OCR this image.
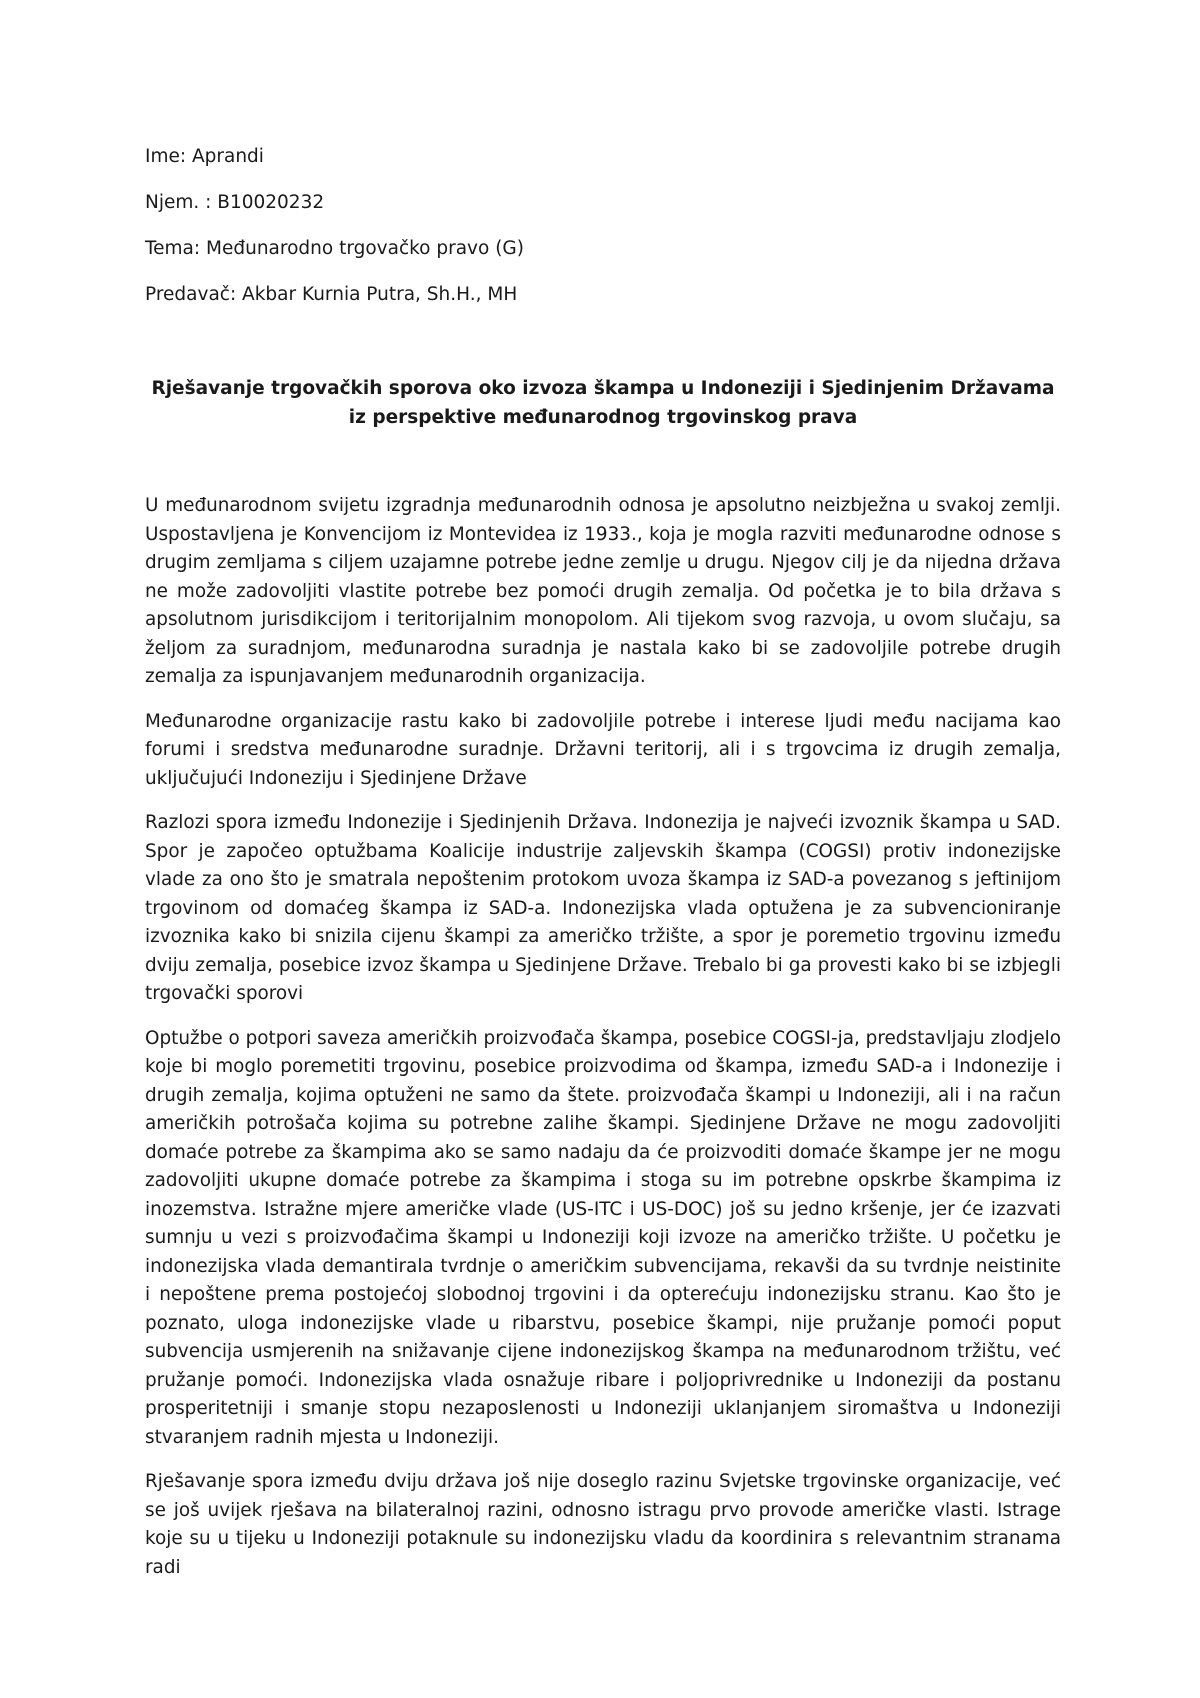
Ime: Aprandi

Njem. : B10020232

Tema: Međunarodno trgovačko pravo (G)

Predavač: Akbar Kurnia Putra, Sh.H., MH

Rješavanje trgovačkih sporova oko izvoza škampa u Indoneziji i Sjedinjenim Državama iz perspektive međunarodnog trgovinskog prava

U međunarodnom svijetu izgradnja međunarodnih odnosa je apsolutno neizbježna u svakoj zemlji. Uspostavljena je Konvencijom iz Montevidea iz 1933., koja je mogla razviti međunarodne odnose s drugim zemljama s ciljem uzajamne potrebe jedne zemlje u drugu. Njegov cilj je da nijedna država ne može zadovoljiti vlastite potrebe bez pomoći drugih zemalja. Od početka je to bila država s apsolutnom jurisdikcijom i teritorijalnim monopolom. Ali tijekom svog razvoja, u ovom slučaju, sa željom za suradnjom, međunarodna suradnja je nastala kako bi se zadovoljile potrebe drugih zemalja za ispunjavanjem međunarodnih organizacija.

Međunarodne organizacije rastu kako bi zadovoljile potrebe i interese ljudi među nacijama kao forumi i sredstva međunarodne suradnje. Državni teritorij, ali i s trgovcima iz drugih zemalja, uključujući Indoneziju i Sjedinjene Države

Razlozi spora između Indonezije i Sjedinjenih Država. Indonezija je najveći izvoznik škampa u SAD. Spor je započeo optužbama Koalicije industrije zaljevskih škampa (COGSI) protiv indonezijske vlade za ono što je smatrala nepoštenim protokom uvoza škampa iz SAD-a povezanog s jeftinijom trgovinom od domaćeg škampa iz SAD-a. Indonezijska vlada optužena je za subvencioniranje izvoznika kako bi snizila cijenu škampi za američko tržište, a spor je poremetio trgovinu između dviju zemalja, posebice izvoz škampa u Sjedinjene Države. Trebalo bi ga provesti kako bi se izbjegli trgovački sporovi

Optužbe o potpori saveza američkih proizvođača škampa, posebice COGSI-ja, predstavljaju zlodjelo koje bi moglo poremetiti trgovinu, posebice proizvodima od škampa, između SAD-a i Indonezije i drugih zemalja, kojima optuženi ne samo da štete. proizvođača škampi u Indoneziji, ali i na račun američkih potrošača kojima su potrebne zalihe škampi. Sjedinjene Države ne mogu zadovoljiti domaće potrebe za škampima ako se samo nadaju da će proizvoditi domaće škampe jer ne mogu zadovoljiti ukupne domaće potrebe za škampima i stoga su im potrebne opskrbe škampima iz inozemstva. Istražne mjere američke vlade (US-ITC i US-DOC) još su jedno kršenje, jer će izazvati sumnju u vezi s proizvođačima škampi u Indoneziji koji izvoze na američko tržište. U početku je indonezijska vlada demantirala tvrdnje o američkim subvencijama, rekavši da su tvrdnje neistinite i nepoštene prema postojećoj slobodnoj trgovini i da opterećuju indonezijsku stranu. Kao što je poznato, uloga indonezijske vlade u ribarstvu, posebice škampi, nije pružanje pomoći poput subvencija usmjerenih na snižavanje cijene indonezijskog škampa na međunarodnom tržištu, već pružanje pomoći. Indonezijska vlada osnažuje ribare i poljoprivrednike u Indoneziji da postanu prosperitetniji i smanje stopu nezaposlenosti u Indoneziji uklanjanjem siromaštva u Indoneziji stvaranjem radnih mjesta u Indoneziji.

Rješavanje spora između dviju država još nije doseglo razinu Svjetske trgovinske organizacije, već se još uvijek rješava na bilateralnoj razini, odnosno istragu prvo provode američke vlasti. Istrage koje su u tijeku u Indoneziji potaknule su indonezijsku vladu da koordinira s relevantnim stranama radi
